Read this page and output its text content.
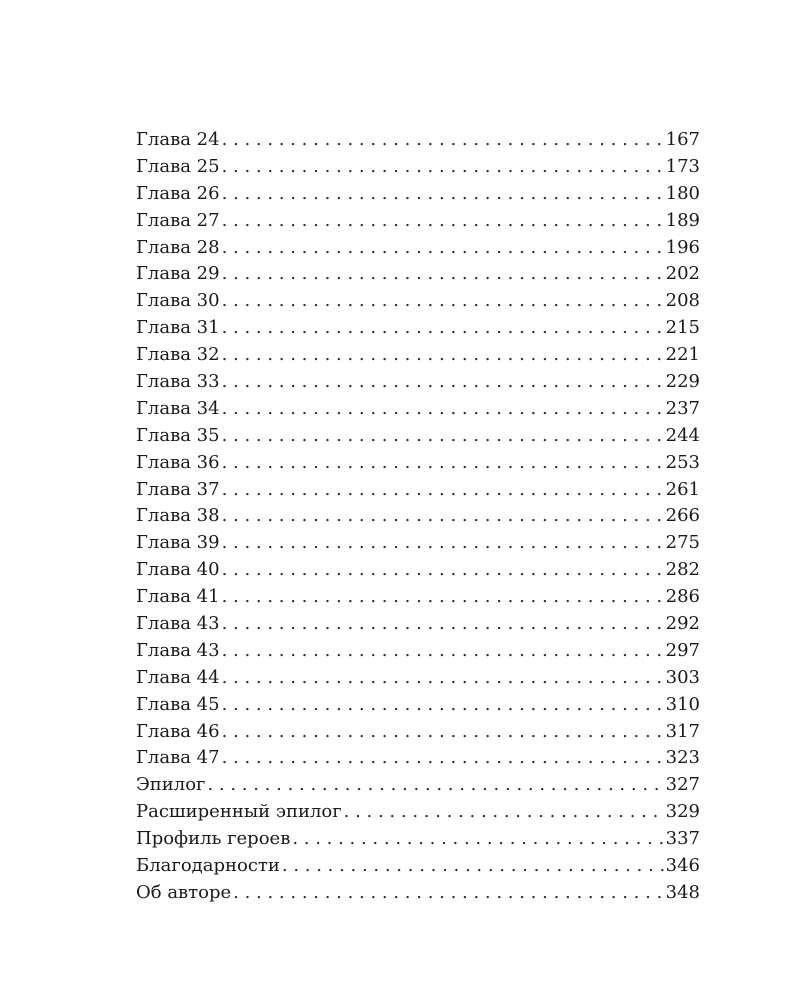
Глава 24 . . .	167
Глава 25 . . .	173
Глава 26 . . .	180
Глава 27 . . .	189
Глава 28 . . .	196
Глава 29 . . .	202
Глава 30 . . .	208
Глава 31 . . .	215
Глава 32 . . .	221
Глава 33 . . .	229
Глава 34 . . .	237
Глава 35 . . .	244
Глава 36 . . .	253
Глава 37 . . .	261
Глава 38 . . .	266
Глава 39 . . .	275
Глава 40 . . .	282
Глава 41 . . .	286
Глава 43 . . .	292
Глава 43 . . .	297
Глава 44 . . .	303
Глава 45 . . .	310
Глава 46 . . .	317
Глава 47 . . .	323
Эпилог . . .	327
Расширенный эпилог . . .	329
Профиль героев . . .	337
Благодарности . . .	346
Об авторе . . .	348
